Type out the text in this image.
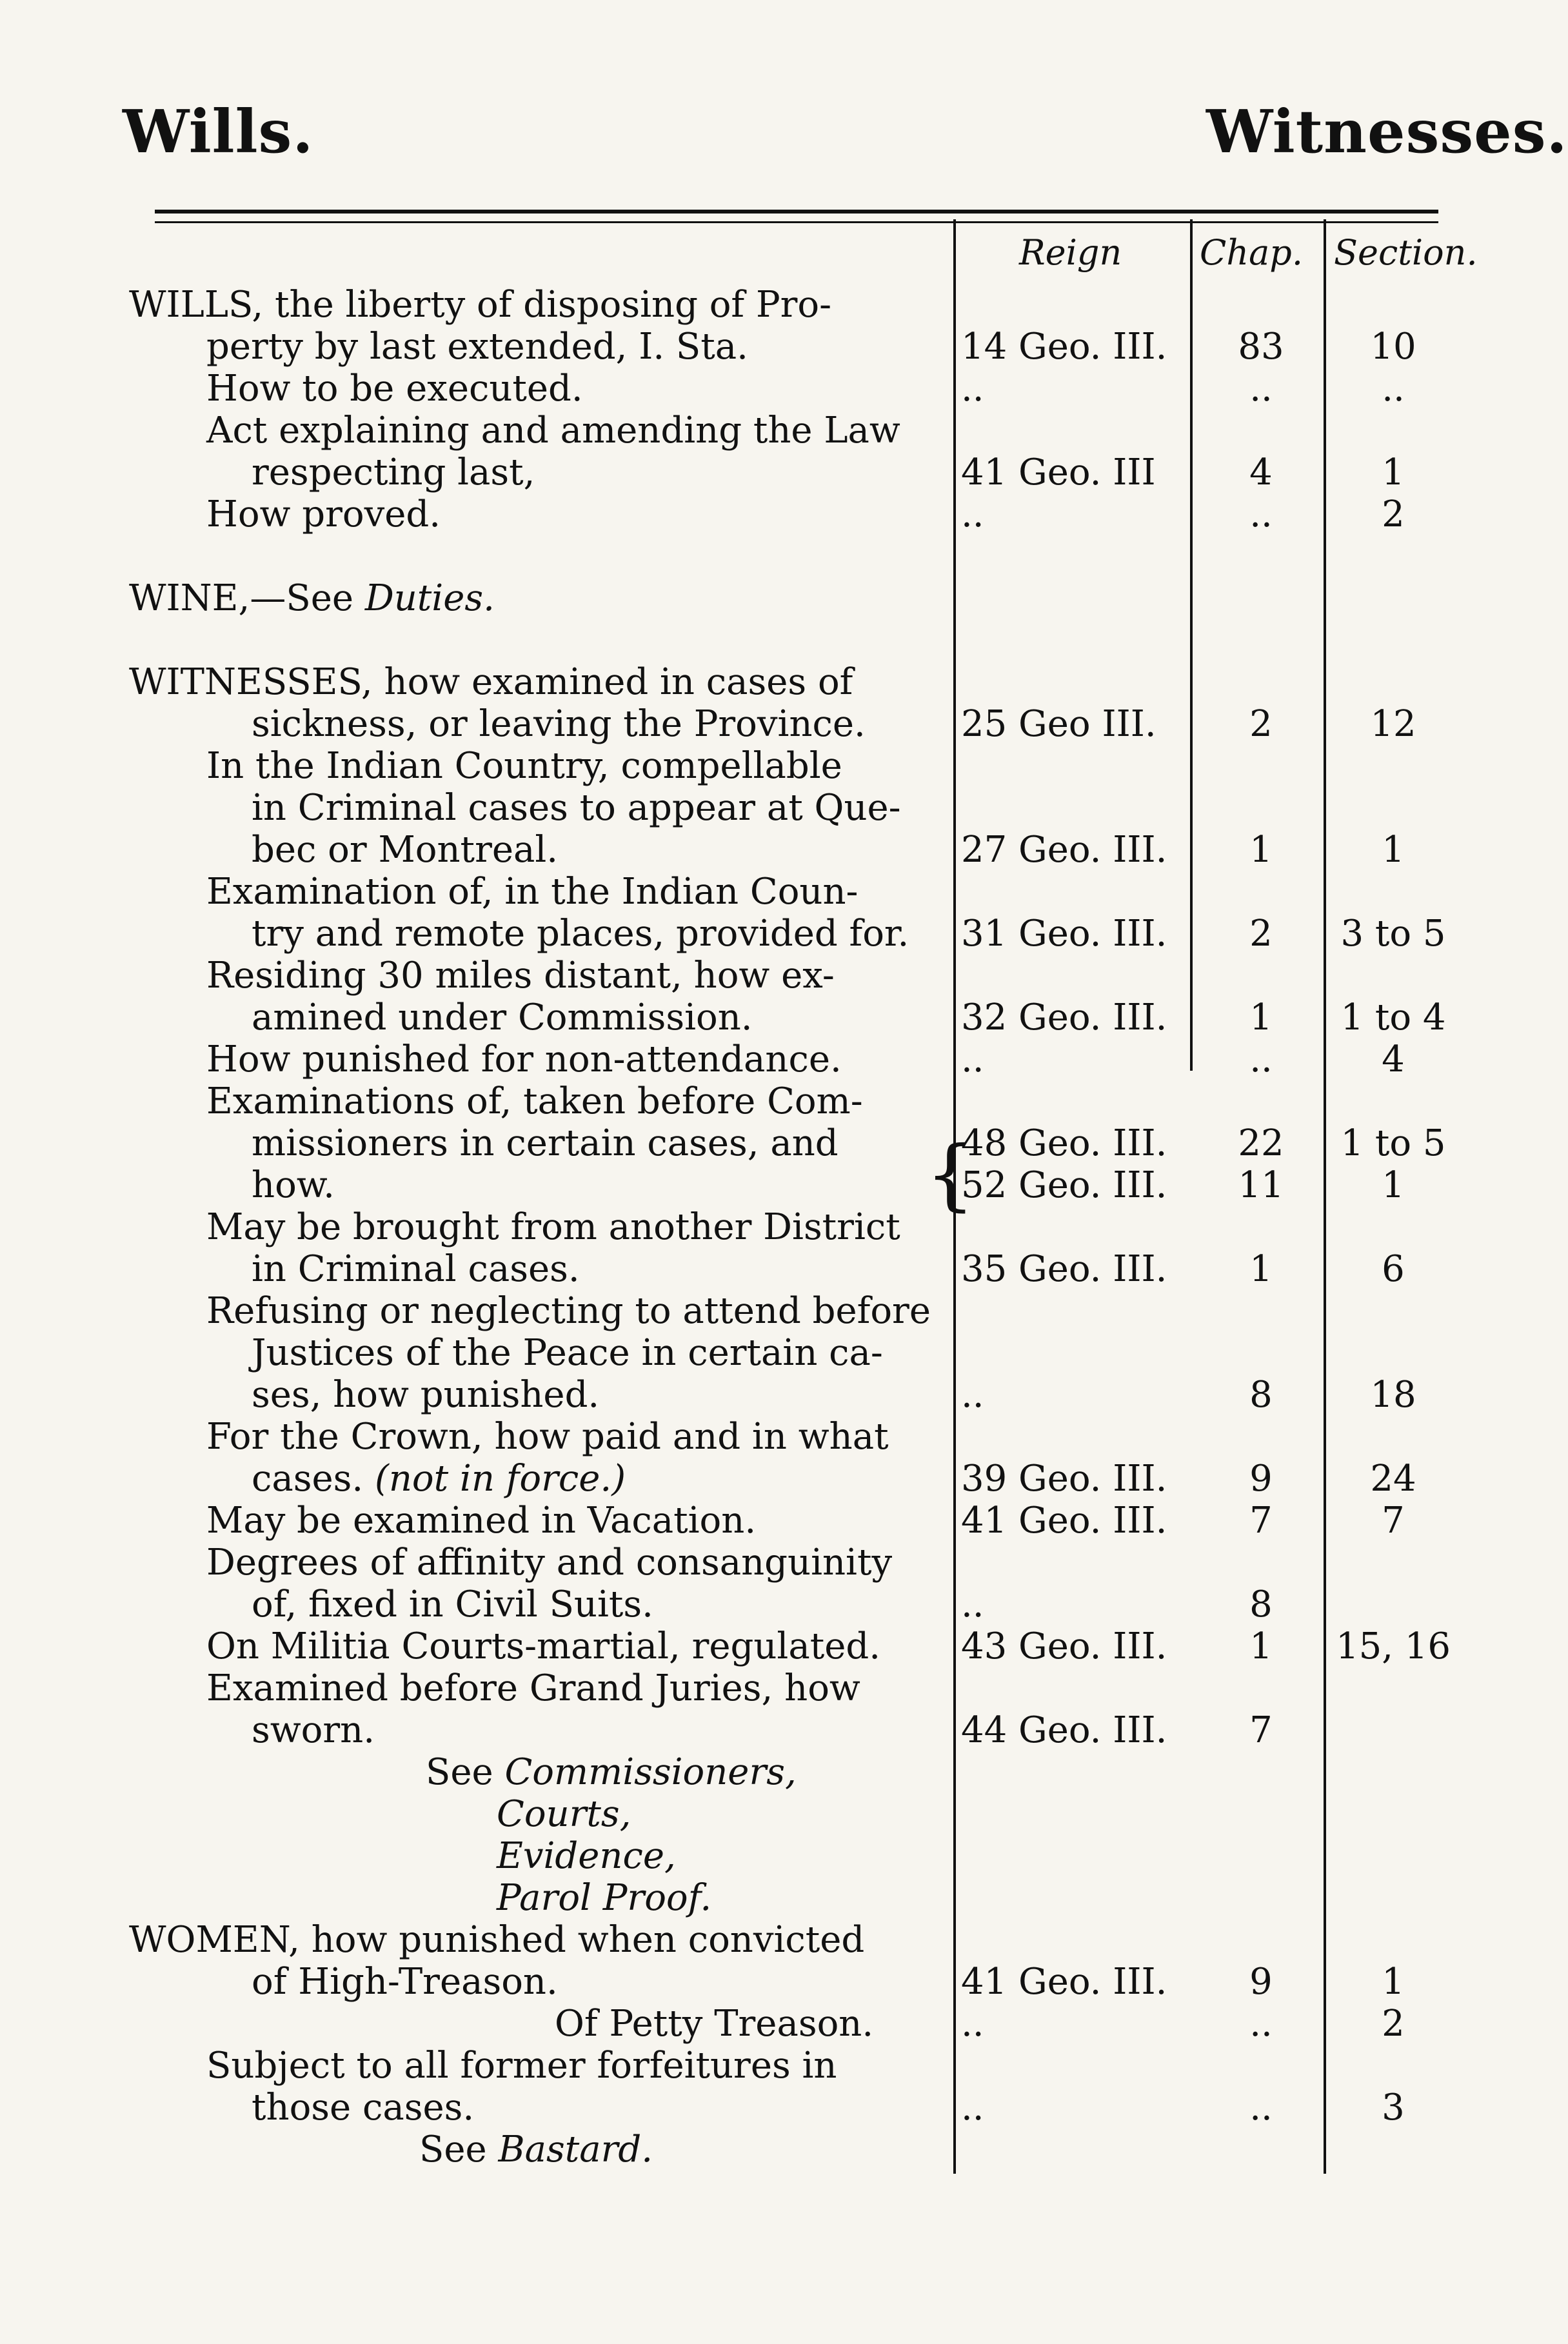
Wills.	Witnesses.
Reign Chap. Section.
{
WILLS, the liberty of disposing of Pro-
perty by last extended, I. Sta.	14 Geo. III.	83	10
How to be executed.	..	..	..
Act explaining and amending the Law
respecting last,	41 Geo. III	4	1
How proved.	..	..	2
WINE,—See Duties.
WITNESSES, how examined in cases of
sickness, or leaving the Province.	25 Geo III.	2	12
In the Indian Country, compellable
in Criminal cases to appear at Que-
bec or Montreal.	27 Geo. III.	1	1
Examination of, in the Indian Coun-
try and remote places, provided for. 31 Geo. III.	2	3 to 5
Residing 30 miles distant, how ex-
amined under Commission.	32 Geo. III.	1	1 to 4
How punished for non-attendance.	..	..	4
Examinations of, taken before Com-
missioners in certain cases, and	48 Geo. III.	22	1 to 5
how.	52 Geo. III.	11	1
May be brought from another District
in Criminal cases.	35 Geo. III.	1	6
Refusing or neglecting to attend before
Justices of the Peace in certain ca-
ses, how punished.	..	8	18
For the Crown, how paid and in what
cases. (not in force.)	39 Geo. III.	9	24
May be examined in Vacation.	41 Geo. III.	7	7
Degrees of affinity and consanguinity
of, fixed in Civil Suits.	..	8
On Militia Courts-martial, regulated. 43 Geo. III.	1	15, 16
Examined before Grand Juries, how
sworn.	44 Geo. III.	7
See Commissioners,
Courts,
Evidence,
Parol Proof.
WOMEN, how punished when convicted
of High-Treason.	41 Geo. III.	9	1
Of Petty Treason. ..	..	2
Subject to all former forfeitures in
those cases.	..	..	3
See Bastard.
